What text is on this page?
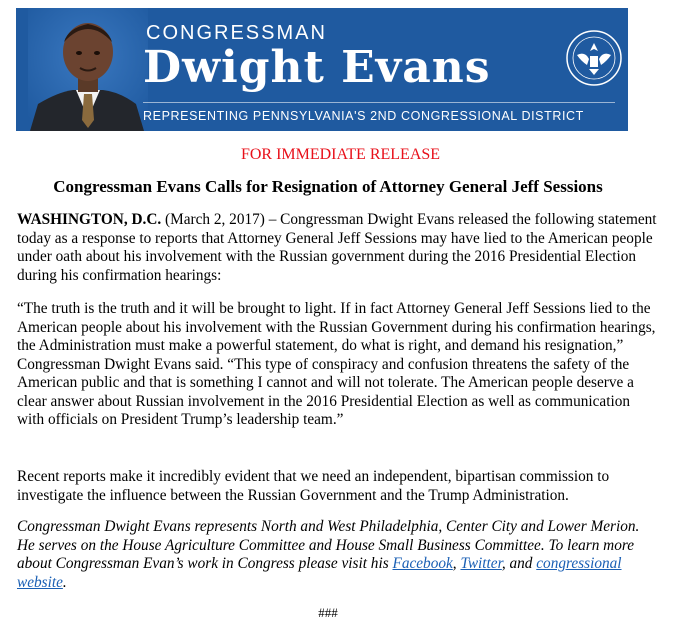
CONGRESSMAN
Dwight Evans
REPRESENTING PENNSYLVANIA'S 2ND CONGRESSIONAL DISTRICT
FOR IMMEDIATE RELEASE
Congressman Evans Calls for Resignation of Attorney General Jeff Sessions
WASHINGTON, D.C. (March 2, 2017) – Congressman Dwight Evans released the following statement today as a response to reports that Attorney General Jeff Sessions may have lied to the American people under oath about his involvement with the Russian government during the 2016 Presidential Election during his confirmation hearings:
“The truth is the truth and it will be brought to light. If in fact Attorney General Jeff Sessions lied to the American people about his involvement with the Russian Government during his confirmation hearings, the Administration must make a powerful statement, do what is right, and demand his resignation,” Congressman Dwight Evans said. “This type of conspiracy and confusion threatens the safety of the American public and that is something I cannot and will not tolerate. The American people deserve a clear answer about Russian involvement in the 2016 Presidential Election as well as communication with officials on President Trump’s leadership team.”
Recent reports make it incredibly evident that we need an independent, bipartisan commission to investigate the influence between the Russian Government and the Trump Administration.
Congressman Dwight Evans represents North and West Philadelphia, Center City and Lower Merion. He serves on the House Agriculture Committee and House Small Business Committee. To learn more about Congressman Evan’s work in Congress please visit his Facebook, Twitter, and congressional website.
###
